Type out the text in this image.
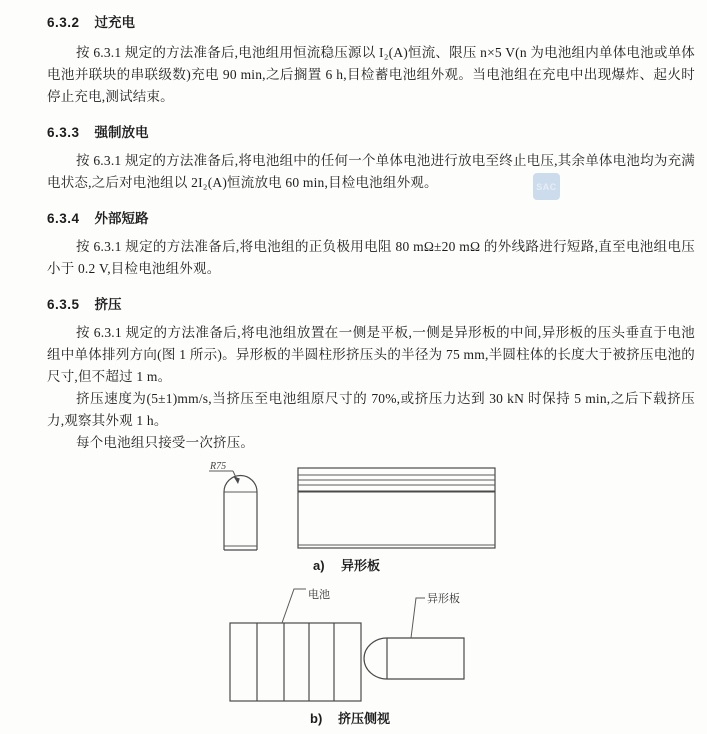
6.3.2 过充电

按 6.3.1 规定的方法准备后,电池组用恒流稳压源以 I₂(A)恒流、限压 n×5 V(n 为电池组内单体电池或单体电池并联块的串联级数)充电 90 min,之后搁置 6 h,目检蓄电池组外观。当电池组在充电中出现爆炸、起火时停止充电,测试结束。

6.3.3 强制放电

按 6.3.1 规定的方法准备后,将电池组中的任何一个单体电池进行放电至终止电压,其余单体电池均为充满电状态,之后对电池组以 2I₂(A)恒流放电 60 min,目检电池组外观。

6.3.4 外部短路

按 6.3.1 规定的方法准备后,将电池组的正负极用电阻 80 mΩ±20 mΩ 的外线路进行短路,直至电池组电压小于 0.2 V,目检电池组外观。

6.3.5 挤压

按 6.3.1 规定的方法准备后,将电池组放置在一侧是平板,一侧是异形板的中间,异形板的压头垂直于电池组中单体排列方向(图 1 所示)。异形板的半圆柱形挤压头的半径为 75 mm,半圆柱体的长度大于被挤压电池的尺寸,但不超过 1 m。

挤压速度为(5±1)mm/s,当挤压至电池组原尺寸的 70%,或挤压力达到 30 kN 时保持 5 min,之后下载挤压力,观察其外观 1 h。

每个电池组只接受一次挤压。

SAC
R75
a) 异形板
电池	异形板
b) 挤压侧视
